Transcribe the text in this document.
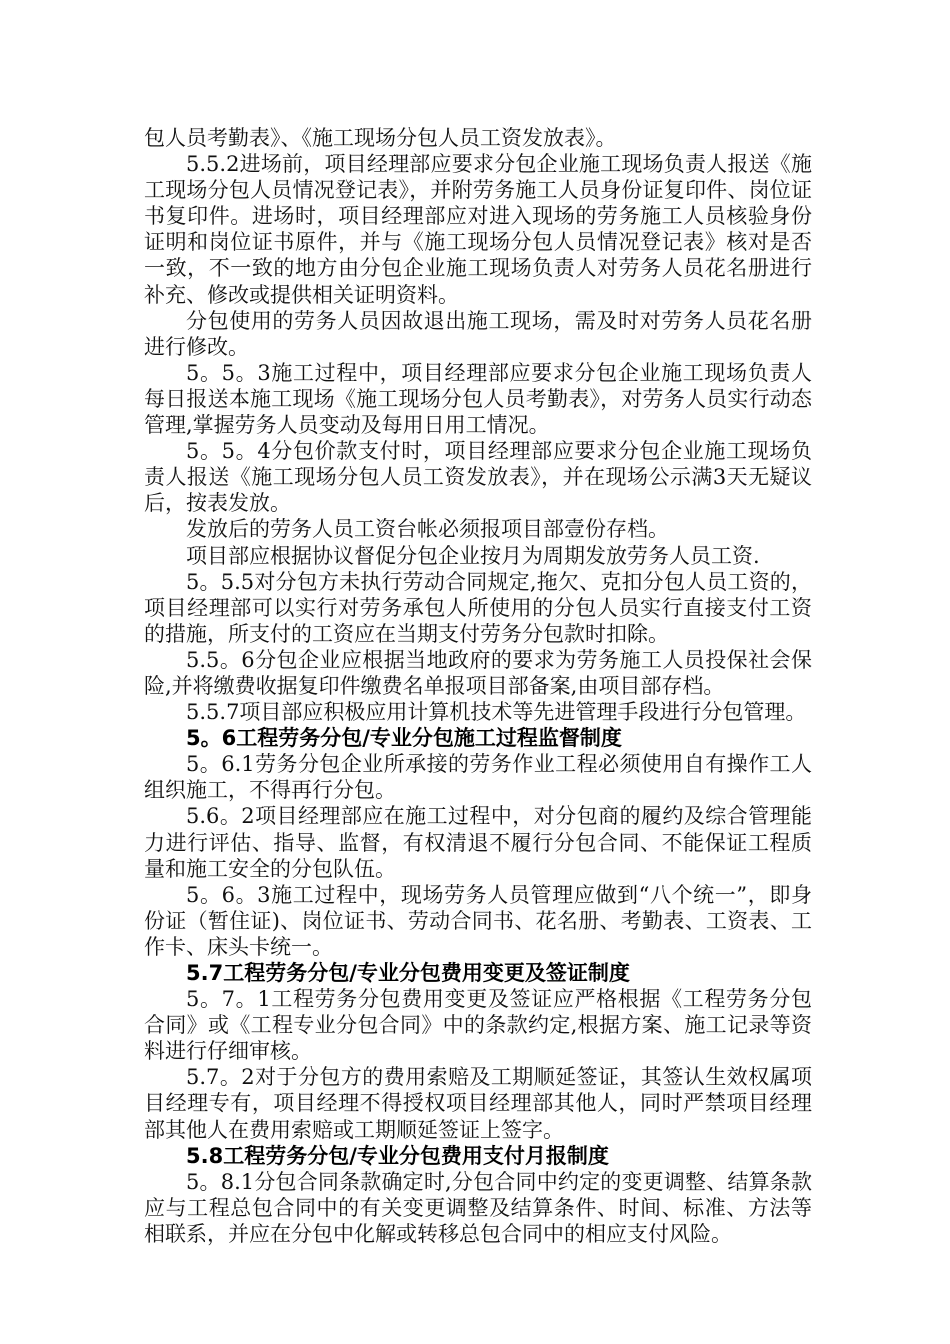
包人员考勤表》、《施工现场分包人员工资发放表》。

5.5.2进场前，项目经理部应要求分包企业施工现场负责人报送《施工现场分包人员情况登记表》，并附劳务施工人员身份证复印件、岗位证书复印件。进场时，项目经理部应对进入现场的劳务施工人员核验身份证明和岗位证书原件，并与《施工现场分包人员情况登记表》核对是否一致，不一致的地方由分包企业施工现场负责人对劳务人员花名册进行补充、修改或提供相关证明资料。

分包使用的劳务人员因故退出施工现场，需及时对劳务人员花名册进行修改。

5。5。3施工过程中，项目经理部应要求分包企业施工现场负责人每日报送本施工现场《施工现场分包人员考勤表》，对劳务人员实行动态管理,掌握劳务人员变动及每用日用工情况。

5。5。4分包价款支付时，项目经理部应要求分包企业施工现场负责人报送《施工现场分包人员工资发放表》，并在现场公示满3天无疑议后，按表发放。

发放后的劳务人员工资台帐必须报项目部壹份存档。

项目部应根据协议督促分包企业按月为周期发放劳务人员工资.

5。5.5对分包方未执行劳动合同规定,拖欠、克扣分包人员工资的，项目经理部可以实行对劳务承包人所使用的分包人员实行直接支付工资的措施，所支付的工资应在当期支付劳务分包款时扣除。

5.5。6分包企业应根据当地政府的要求为劳务施工人员投保社会保险,并将缴费收据复印件缴费名单报项目部备案,由项目部存档。

5.5.7项目部应积极应用计算机技术等先进管理手段进行分包管理。

5。6工程劳务分包/专业分包施工过程监督制度

5。6.1劳务分包企业所承接的劳务作业工程必须使用自有操作工人组织施工，不得再行分包。

5.6。2项目经理部应在施工过程中，对分包商的履约及综合管理能力进行评估、指导、监督，有权清退不履行分包合同、不能保证工程质量和施工安全的分包队伍。

5。6。3施工过程中，现场劳务人员管理应做到“八个统一”，即身份证（暂住证)、岗位证书、劳动合同书、花名册、考勤表、工资表、工作卡、床头卡统一。

5.7工程劳务分包/专业分包费用变更及签证制度

5。7。1工程劳务分包费用变更及签证应严格根据《工程劳务分包合同》或《工程专业分包合同》中的条款约定,根据方案、施工记录等资料进行仔细审核。

5.7。2对于分包方的费用索赔及工期顺延签证，其签认生效权属项目经理专有，项目经理不得授权项目经理部其他人，同时严禁项目经理部其他人在费用索赔或工期顺延签证上签字。

5.8工程劳务分包/专业分包费用支付月报制度

5。8.1分包合同条款确定时,分包合同中约定的变更调整、结算条款应与工程总包合同中的有关变更调整及结算条件、时间、标准、方法等相联系，并应在分包中化解或转移总包合同中的相应支付风险。
